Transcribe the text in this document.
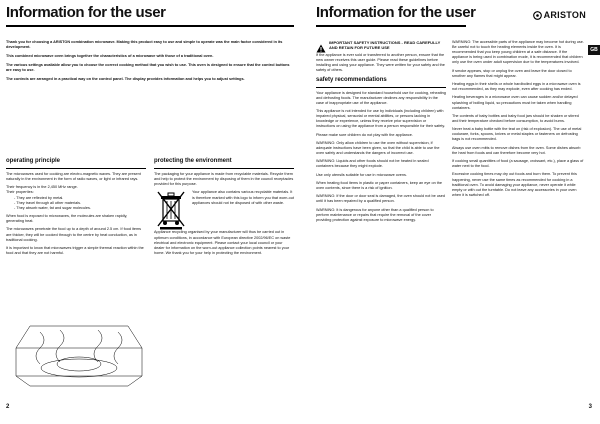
Information for the user

Thank you for choosing a ARISTON combination microwave. Making this product easy to use and simple to operate was the main factor considered in its development.

This combined microwave oven brings together the characteristics of a microwave with those of a traditional oven.

The various settings available allow you to choose the correct cooking method that you wish to use. This oven is designed to ensure that the control buttons are easy to use.

The controls are arranged in a practical way on the control panel. The display provides information and helps you to adjust settings.

operating principle

The microwaves used for cooking are electro-magnetic waves. They are present naturally in the environment in the form of radio waves, or light or infrared rays.

Their frequency is in the 2,450 MHz range.

Their properties:

- They are reflected by metal.
- They travel through all other materials.
- They absorb water, fat and sugar molecules.

When food is exposed to microwaves, the molecules are shaken rapidly, generating heat.

The microwaves penetrate the food up to a depth of around 2.5 cm. If food items are thicker, they will be cooked through to the centre by heat conduction, as in traditional cooking.

It is important to know that microwaves trigger a simple thermal reaction within the food and that they are not harmful.

protecting the environment

The packaging for your appliance is made from recyclable materials. Recycle them and help to protect the environment by disposing of them in the council receptacles provided for this purpose.

Your appliance also contains various recyclable materials. It is therefore marked with this logo to inform you that worn-out appliances should not be disposed of with other waste.

Appliance recycling organised by your manufacturer will thus be carried out in optimum conditions, in accordance with European directive 2002/96/EC on waste electrical and electronic equipment. Please contact your local council or your dealer for information on the worn-out appliance collection points nearest to your home. We thank you for your help in protecting the environment.

2
Information for the user	ARISTON
GB
IMPORTANT SAFETY INSTRUCTIONS - READ CAREFULLY AND RETAIN FOR FUTURE USE

If the appliance is ever sold or transferred to another person, ensure that the new owner receives this user guide. Please read these guidelines before installing and using your appliance. They were written for your safety and the safety of others.

safety recommendations

Your appliance is designed for standard household use for cooking, reheating and defrosting foods. The manufacturer declines any responsibility in the case of inappropriate use of the appliance.

This appliance is not intended for use by individuals (including children) with impaired physical, sensorial or mental abilities, or persons lacking in knowledge or experience, unless they receive prior supervision or instructions on using the appliance from a person responsible for their safety.

Please make sure children do not play with the appliance.

WARNING: Only allow children to use the oven without supervision, if adequate instructions have been given, so that the child is able to use the oven safely and understands the dangers of incorrect use.

WARNING: Liquids and other foods should not be heated in sealed containers because they might explode.

Use only utensils suitable for use in microwave ovens.

When heating food items in plastic or paper containers, keep an eye on the oven contents, since there is a risk of ignition.

WARNING: If the door or door seal is damaged, the oven should not be used until it has been repaired by a qualified person.

WARNING: It is dangerous for anyone other than a qualified person to perform maintenance or repairs that require the removal of the cover providing protection against exposure to microwave energy.

WARNING: The accessible parts of the appliance may become hot during use. Be careful not to touch the heating elements inside the oven. It is recommended that you keep young children at a safe distance. If the appliance is being used in combination mode, it is recommended that children only use the oven under adult supervision due to the temperatures involved.

If smoke appears, stop or unplug the oven and leave the door closed to smother any flames that might appear.

Heating eggs in their shells or whole hardboiled eggs in a microwave oven is not recommended, as they may explode, even after cooking has ended.

Heating beverages in a microwave oven can cause sudden and/or delayed splashing of boiling liquid, so precautions must be taken when handling containers.

The contents of baby bottles and baby food jars should be shaken or stirred and their temperature checked before consumption, to avoid burns.

Never heat a baby bottle with the teat on (risk of explosion). The use of metal cookware, forks, spoons, knives or metal staples or fasteners on defrosting bags is not recommended.

Always use oven mitts to remove dishes from the oven. Some dishes absorb the heat from foods and can therefore become very hot.

If cooking small quantities of food (a sausage, croissant, etc.), place a glass of water next to the food.

Excessive cooking times may dry out foods and burn them. To prevent this happening, never use the same times as recommended for cooking in a traditional oven. To avoid damaging your appliance, never operate it while empty or with out the turntable. Do not leave any accessories in your oven when it is switched off.

3
